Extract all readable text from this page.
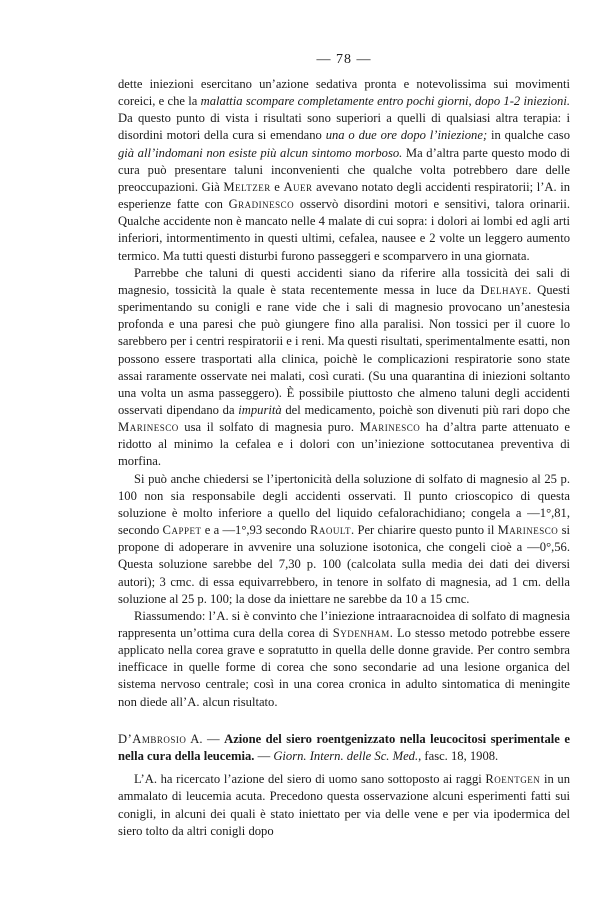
— 78 —

dette iniezioni esercitano un’azione sedativa pronta e notevolissima sui movimenti coreici, e che la malattia scompare completamente entro pochi giorni, dopo 1-2 iniezioni. Da questo punto di vista i risultati sono superiori a quelli di qualsiasi altra terapia: i disordini motori della cura si emendano una o due ore dopo l’iniezione; in qualche caso già all’indomani non esiste più alcun sintomo morboso. Ma d’altra parte questo modo di cura può presentare taluni inconvenienti che qualche volta potrebbero dare delle preoccupazioni. Già Meltzer e Auer avevano notato degli accidenti respiratorii; l’A. in esperienze fatte con Gradinesco osservò disordini motori e sensitivi, talora orinarii. Qualche accidente non è mancato nelle 4 malate di cui sopra: i dolori ai lombi ed agli arti inferiori, intormentimento in questi ultimi, cefalea, nausee e 2 volte un leggero aumento termico. Ma tutti questi disturbi furono passeggeri e scomparvero in una giornata.

Parrebbe che taluni di questi accidenti siano da riferire alla tossicità dei sali di magnesio, tossicità la quale è stata recentemente messa in luce da Delhaye. Questi sperimentando su conigli e rane vide che i sali di magnesio provocano un’anestesia profonda e una paresi che può giungere fino alla paralisi. Non tossici per il cuore lo sarebbero per i centri respiratorii e i reni. Ma questi risultati, sperimentalmente esatti, non possono essere trasportati alla clinica, poichè le complicazioni respiratorie sono state assai raramente osservate nei malati, così curati. (Su una quarantina di iniezioni soltanto una volta un asma passeggero). È possibile piuttosto che almeno taluni degli accidenti osservati dipendano da impurità del medicamento, poichè son divenuti più rari dopo che Marinesco usa il solfato di magnesia puro. Marinesco ha d’altra parte attenuato e ridotto al minimo la cefalea e i dolori con un’iniezione sottocutanea preventiva di morfina.

Si può anche chiedersi se l’ipertonicità della soluzione di solfato di magnesio al 25 p. 100 non sia responsabile degli accidenti osservati. Il punto crioscopico di questa soluzione è molto inferiore a quello del liquido cefalorachidiano; congela a —1°,81, secondo Cappet e a —1°,93 secondo Raoult. Per chiarire questo punto il Marinesco si propone di adoperare in avvenire una soluzione isotonica, che congeli cioè a —0°,56. Questa soluzione sarebbe del 7,30 p. 100 (calcolata sulla media dei dati dei diversi autori); 3 cmc. di essa equivarrebbero, in tenore in solfato di magnesia, ad 1 cm. della soluzione al 25 p. 100; la dose da iniettare ne sarebbe da 10 a 15 cmc.

Riassumendo: l’A. si è convinto che l’iniezione intraaracnoidea di solfato di magnesia rappresenta un’ottima cura della corea di Sydenham. Lo stesso metodo potrebbe essere applicato nella corea grave e sopratutto in quella delle donne gravide. Per contro sembra inefficace in quelle forme di corea che sono secondarie ad una lesione organica del sistema nervoso centrale; così in una corea cronica in adulto sintomatica di meningite non diede all’A. alcun risultato.

D’Ambrosio A. — Azione del siero roentgenizzato nella leucocitosi sperimentale e nella cura della leucemia. — Giorn. Intern. delle Sc. Med., fasc. 18, 1908.

L’A. ha ricercato l’azione del siero di uomo sano sottoposto ai raggi Roentgen in un ammalato di leucemia acuta. Precedono questa osservazione alcuni esperimenti fatti sui conigli, in alcuni dei quali è stato iniettato per via delle vene e per via ipodermica del siero tolto da altri conigli dopo
